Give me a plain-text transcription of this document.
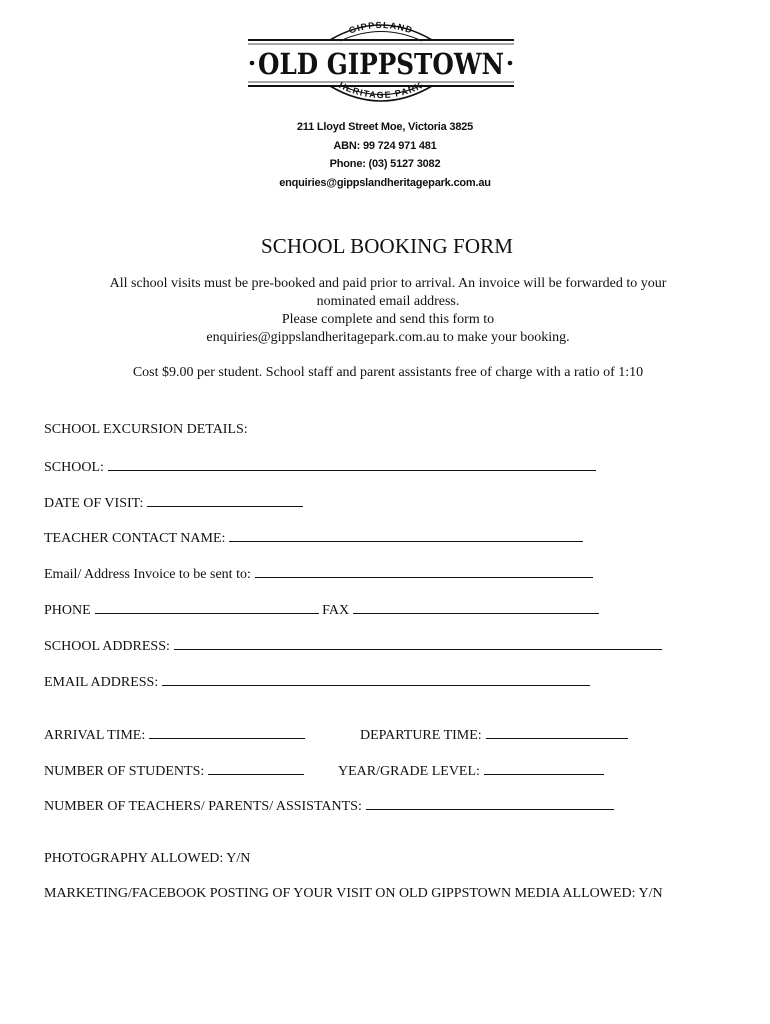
GIPPSLAND
HERITAGE PARK
OLD GIPPSTOWN
211 Lloyd Street Moe, Victoria 3825
ABN: 99 724 971 481
Phone: (03) 5127 3082
enquiries@gippslandheritagepark.com.au
SCHOOL BOOKING FORM
All school visits must be pre-booked and paid prior to arrival. An invoice will be forwarded to your
nominated email address.
Please complete and send this form to
enquiries@gippslandheritagepark.com.au to make your booking.
Cost $9.00 per student. School staff and parent assistants free of charge with a ratio of 1:10
SCHOOL EXCURSION DETAILS:
SCHOOL:
DATE OF VISIT:
TEACHER CONTACT NAME:
Email/ Address Invoice to be sent to:
PHONE	FAX
SCHOOL ADDRESS:
EMAIL ADDRESS:
ARRIVAL TIME:	DEPARTURE TIME:
NUMBER OF STUDENTS:	YEAR/GRADE LEVEL:
NUMBER OF TEACHERS/ PARENTS/ ASSISTANTS:
PHOTOGRAPHY ALLOWED: Y/N
MARKETING/FACEBOOK POSTING OF YOUR VISIT ON OLD GIPPSTOWN MEDIA ALLOWED: Y/N
